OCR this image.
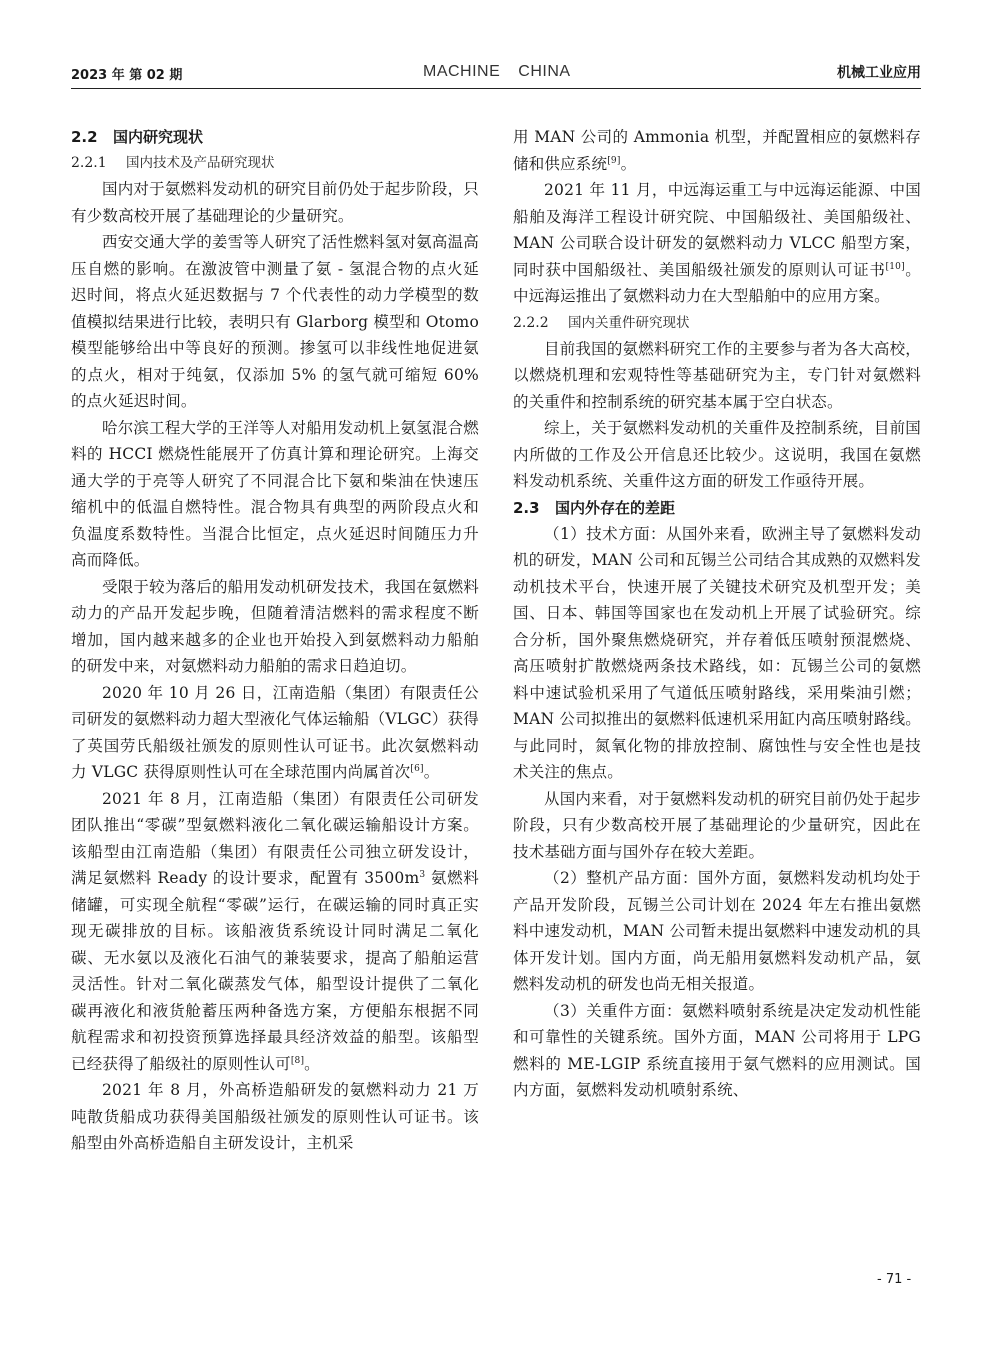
2023 年 第 02 期	MACHINE CHINA	机械工业应用
2.2 国内研究现状
2.2.1 国内技术及产品研究现状

国内对于氨燃料发动机的研究目前仍处于起步阶段，只有少数高校开展了基础理论的少量研究。

西安交通大学的姜雪等人研究了活性燃料氢对氨高温高压自燃的影响。在激波管中测量了氨 - 氢混合物的点火延迟时间，将点火延迟数据与 7 个代表性的动力学模型的数值模拟结果进行比较，表明只有 Glarborg 模型和 Otomo 模型能够给出中等良好的预测。掺氢可以非线性地促进氨的点火，相对于纯氨，仅添加 5% 的氢气就可缩短 60% 的点火延迟时间。

哈尔滨工程大学的王洋等人对船用发动机上氨氢混合燃料的 HCCI 燃烧性能展开了仿真计算和理论研究。上海交通大学的于亮等人研究了不同混合比下氨和柴油在快速压缩机中的低温自燃特性。混合物具有典型的两阶段点火和负温度系数特性。当混合比恒定，点火延迟时间随压力升高而降低。

受限于较为落后的船用发动机研发技术，我国在氨燃料动力的产品开发起步晚，但随着清洁燃料的需求程度不断增加，国内越来越多的企业也开始投入到氨燃料动力船舶的研发中来，对氨燃料动力船舶的需求日趋迫切。

2020 年 10 月 26 日，江南造船（集团）有限责任公司研发的氨燃料动力超大型液化气体运输船（VLGC）获得了英国劳氏船级社颁发的原则性认可证书。此次氨燃料动力 VLGC 获得原则性认可在全球范围内尚属首次[6]。

2021 年 8 月，江南造船（集团）有限责任公司研发团队推出“零碳”型氨燃料液化二氧化碳运输船设计方案。该船型由江南造船（集团）有限责任公司独立研发设计，满足氨燃料 Ready 的设计要求，配置有 $3500m^3$ 氨燃料储罐，可实现全航程“零碳”运行，在碳运输的同时真正实现无碳排放的目标。该船液货系统设计同时满足二氧化碳、无水氨以及液化石油气的兼装要求，提高了船舶运营灵活性。针对二氧化碳蒸发气体，船型设计提供了二氧化碳再液化和液货舱蓄压两种备选方案，方便船东根据不同航程需求和初投资预算选择最具经济效益的船型。该船型已经获得了船级社的原则性认可[8]。

2021 年 8 月，外高桥造船研发的氨燃料动力 21 万吨散货船成功获得美国船级社颁发的原则性认可证书。该船型由外高桥造船自主研发设计，主机采

用 MAN 公司的 Ammonia 机型，并配置相应的氨燃料存储和供应系统[9]。

2021 年 11 月，中远海运重工与中远海运能源、中国船舶及海洋工程设计研究院、中国船级社、美国船级社、MAN 公司联合设计研发的氨燃料动力 VLCC 船型方案，同时获中国船级社、美国船级社颁发的原则认可证书[10]。中远海运推出了氨燃料动力在大型船舶中的应用方案。

2.2.2 国内关重件研究现状

目前我国的氨燃料研究工作的主要参与者为各大高校，以燃烧机理和宏观特性等基础研究为主，专门针对氨燃料的关重件和控制系统的研究基本属于空白状态。

综上，关于氨燃料发动机的关重件及控制系统，目前国内所做的工作及公开信息还比较少。这说明，我国在氨燃料发动机系统、关重件这方面的研发工作亟待开展。

2.3 国内外存在的差距

（1）技术方面：从国外来看，欧洲主导了氨燃料发动机的研发，MAN 公司和瓦锡兰公司结合其成熟的双燃料发动机技术平台，快速开展了关键技术研究及机型开发；美国、日本、韩国等国家也在发动机上开展了试验研究。综合分析，国外聚焦燃烧研究，并存着低压喷射预混燃烧、高压喷射扩散燃烧两条技术路线，如：瓦锡兰公司的氨燃料中速试验机采用了气道低压喷射路线，采用柴油引燃；MAN 公司拟推出的氨燃料低速机采用缸内高压喷射路线。与此同时，氮氧化物的排放控制、腐蚀性与安全性也是技术关注的焦点。

从国内来看，对于氨燃料发动机的研究目前仍处于起步阶段，只有少数高校开展了基础理论的少量研究，因此在技术基础方面与国外存在较大差距。

（2）整机产品方面：国外方面，氨燃料发动机均处于产品开发阶段，瓦锡兰公司计划在 2024 年左右推出氨燃料中速发动机，MAN 公司暂未提出氨燃料中速发动机的具体开发计划。国内方面，尚无船用氨燃料发动机产品，氨燃料发动机的研发也尚无相关报道。

（3）关重件方面：氨燃料喷射系统是决定发动机性能和可靠性的关键系统。国外方面，MAN 公司将用于 LPG 燃料的 ME-LGIP 系统直接用于氨气燃料的应用测试。国内方面，氨燃料发动机喷射系统、

- 71 -
